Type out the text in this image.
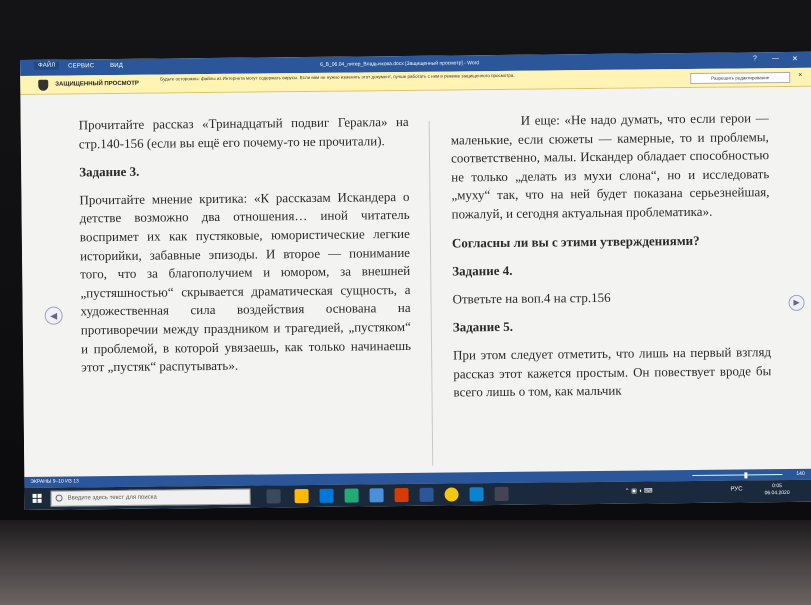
ФАЙЛ	СЕРВИС	ВИД	6_В_06.04_литер_Владычкова.docx [Защищенный просмотр] - Word
? — ✕
ЗАЩИЩЕННЫЙ ПРОСМОТР
Будьте осторожны: файлы из Интернета могут содержать вирусы. Если вам не нужно изменять этот документ, лучше работать с ним в режиме защищенного просмотра.	Разрешить редактирование	×
◀

Прочитайте рассказ «Тринадцатый подвиг Геракла» на стр.140-156 (если вы ещё его почему-то не прочитали).

Задание 3.

Прочитайте мнение критика: «К рассказам Искандера о детстве возможно два отношения… иной читатель воспримет их как пустяковые, юмористические легкие историйки, забавные эпизоды. И второе — понимание того, что за благополучием и юмором, за внешней „пустяшностью“ скрывается драматическая сущность, а художественная сила воздействия основана на противоречии между праздником и трагедией, „пустяком“ и проблемой, в которой увязаешь, как только начинаешь этот „пустяк“ распутывать».

И еще: «Не надо думать, что если герои — маленькие, если сюжеты — камерные, то и проблемы, соответственно, малы. Искандер обладает способностью не только „делать из мухи слона“, но и исследовать „муху“ так, что на ней будет показана серьезнейшая, пожалуй, и сегодня актуальная проблематика».

Согласны ли вы с этими утверждениями?
Задание 4.

Ответьте на воп.4 на стр.156

Задание 5.

При этом следует отметить, что лишь на первый взгляд рассказ этот кажется простым. Он повествует вроде бы всего лишь о том, как мальчик

▶
ЭКРАНЫ 9–10 ИЗ 13
140
Введите здесь текст для поиска
⌃ ▣ ◖ ⌨	РУС
0:05
06.04.2020
